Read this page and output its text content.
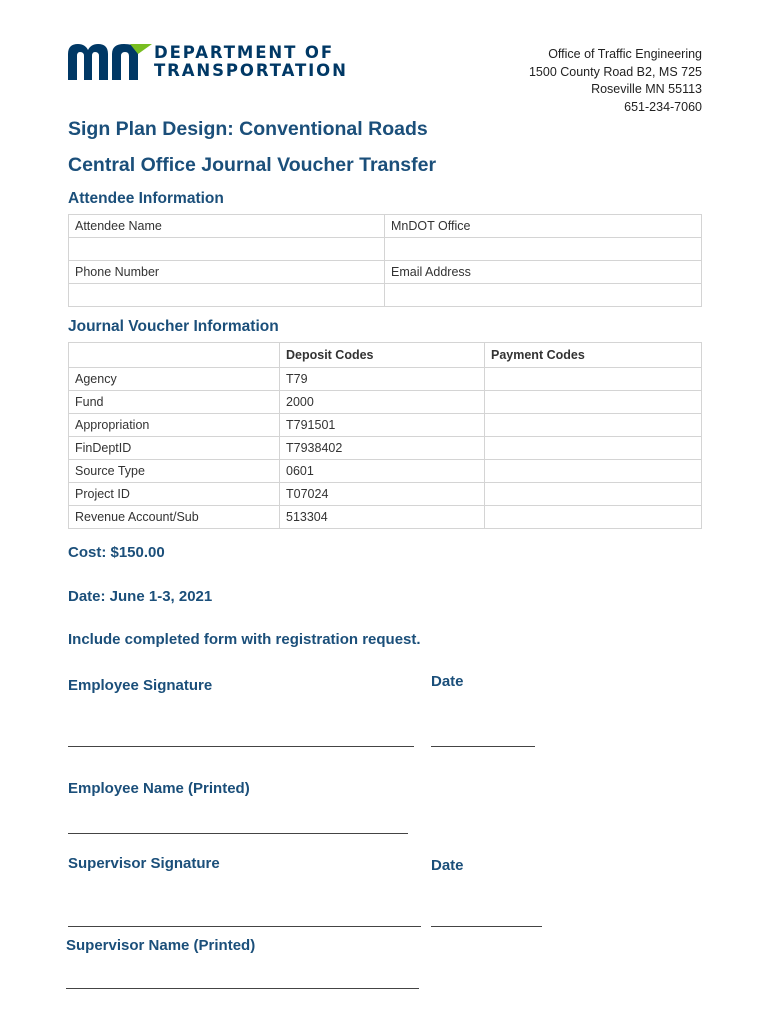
DEPARTMENT OF
TRANSPORTATION
Office of Traffic Engineering
1500 County Road B2, MS 725
Roseville MN 55113
651-234-7060
Sign Plan Design: Conventional Roads
Central Office Journal Voucher Transfer
Attendee Information
Attendee Name	MnDOT Office

Phone Number	Email Address

Journal Voucher Information
	Deposit Codes	Payment Codes
Agency	T79	
Fund	2000	
Appropriation	T791501	
FinDeptID	T7938402	
Source Type	0601	
Project ID	T07024	
Revenue Account/Sub	513304	
Cost: $150.00
Date: June 1-3, 2021
Include completed form with registration request.
Employee Signature	Date
Employee Name (Printed)
Supervisor Signature	Date
Supervisor Name (Printed)
